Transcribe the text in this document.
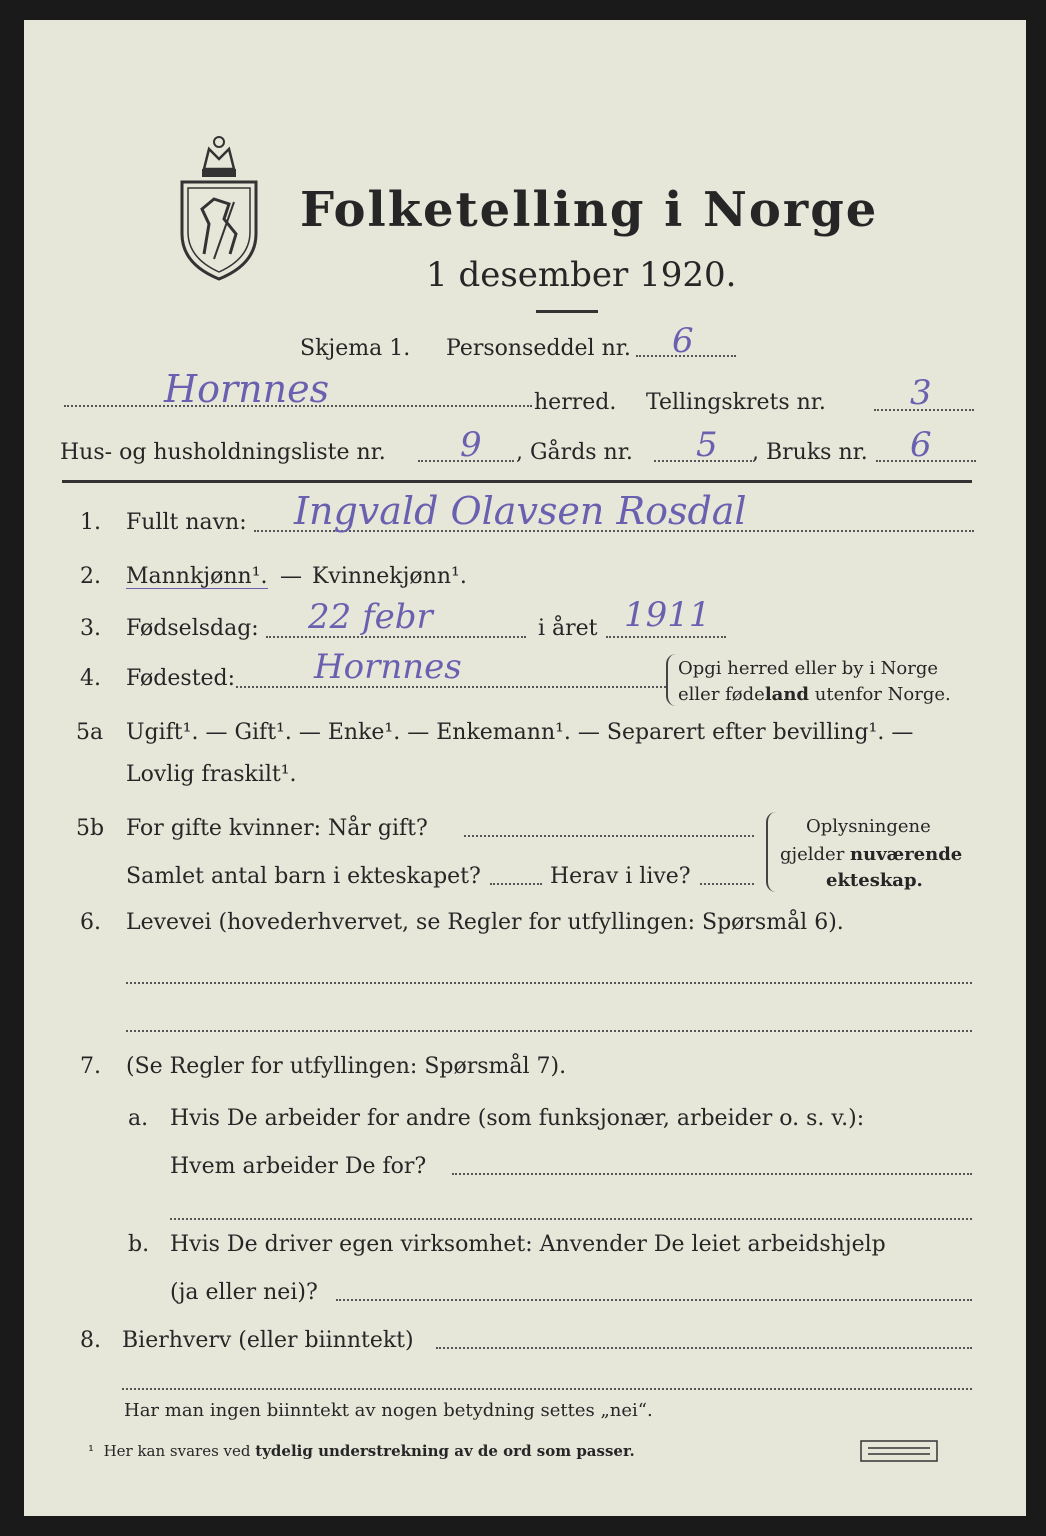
Folketelling i Norge
1 desember 1920.
Skjema 1. Personseddel nr. 6
Hornnes	herred. Tellingskrets nr. 3
Hus- og husholdningsliste nr. 9 , Gårds nr. 5 , Bruks nr. 6
1. Fullt navn: Ingvald Olavsen Rosdal
2. Mannkjønn¹. — Kvinnekjønn¹.
3. Fødselsdag: 22 febr	i året 1911
4. Fødested: Hornnes	Opgi herred eller by i Norge
eller fødeland utenfor Norge.
5a Ugift¹. — Gift¹. — Enke¹. — Enkemann¹. — Separert efter bevilling¹. —
Lovlig fraskilt¹.
5b For gifte kvinner: Når gift?
Samlet antal barn i ekteskapet?	Herav i live?
Oplysningene
gjelder nuværende
ekteskap.
6. Levevei (hovederhvervet, se Regler for utfyllingen: Spørsmål 6).
7. (Se Regler for utfyllingen: Spørsmål 7).
a. Hvis De arbeider for andre (som funksjonær, arbeider o. s. v.):
Hvem arbeider De for?
b. Hvis De driver egen virksomhet: Anvender De leiet arbeidshjelp
(ja eller nei)?
8. Bierhverv (eller biinntekt)
Har man ingen biinntekt av nogen betydning settes „nei“.
¹ Her kan svares ved tydelig understrekning av de ord som passer.
